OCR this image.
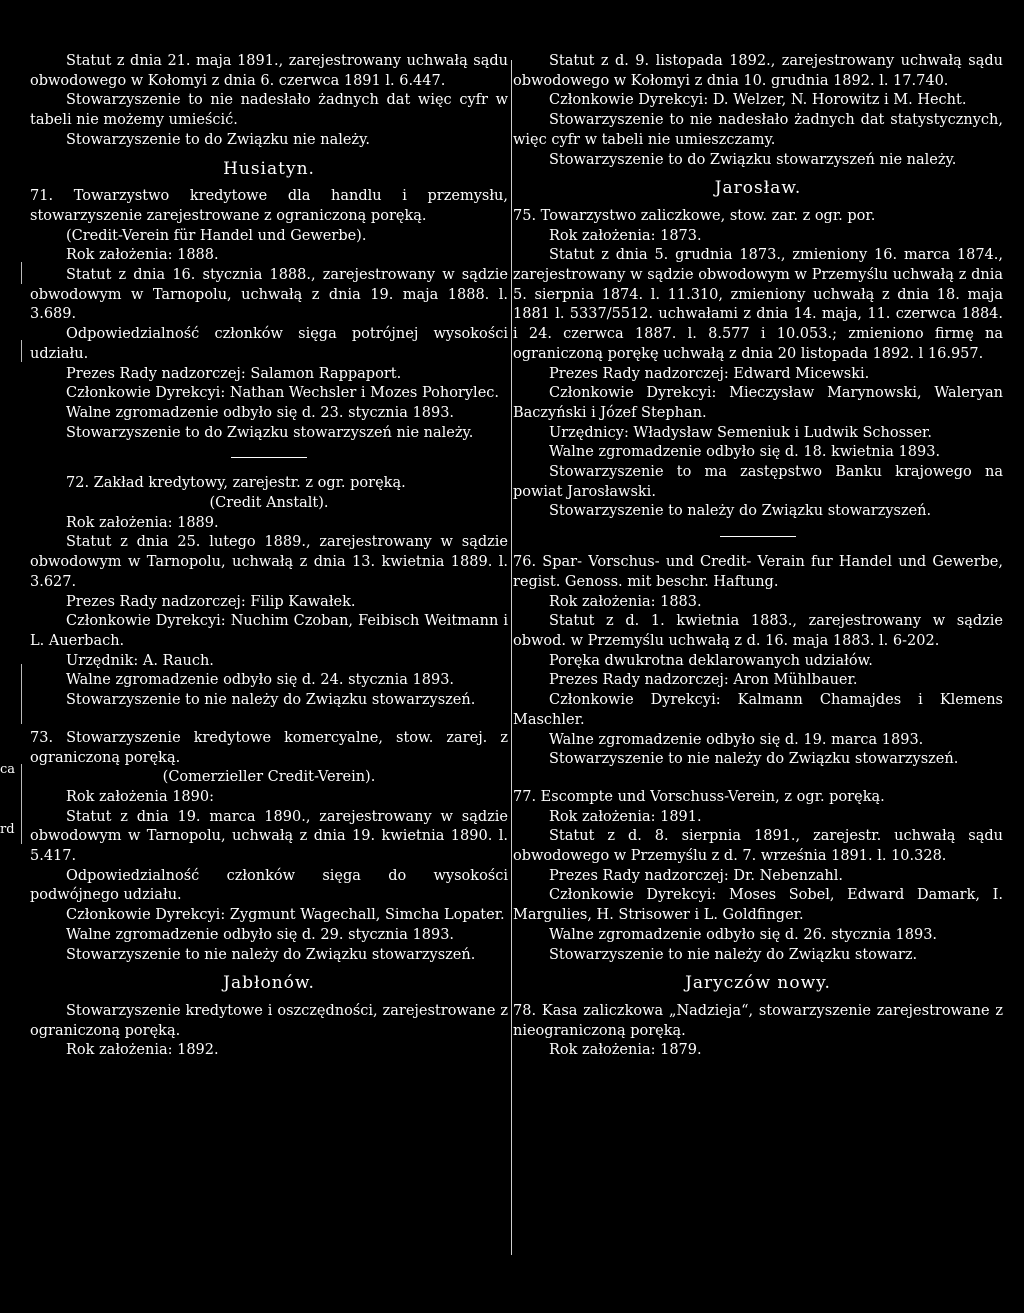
ca
rd

Statut z dnia 21. maja 1891., zarejestrowany uchwałą sądu obwodowego w Kołomyi z dnia 6. czerwca 1891 l. 6.447.

Stowarzyszenie to nie nadesłało żadnych dat więc cyfr w tabeli nie możemy umieścić.

Stowarzyszenie to do Związku nie należy.

Husiatyn.

71. Towarzystwo kredytowe dla handlu i przemysłu, stowarzyszenie zarejestrowane z ograniczoną poręką.

(Credit-Verein für Handel und Gewerbe).

Rok założenia: 1888.

Statut z dnia 16. stycznia 1888., zarejestrowany w sądzie obwodowym w Tarnopolu, uchwałą z dnia 19. maja 1888. l. 3.689.

Odpowiedzialność członków sięga potrójnej wysokości udziału.

Prezes Rady nadzorczej: Salamon Rappaport.

Członkowie Dyrekcyi: Nathan Wechsler i Mozes Pohorylec.

Walne zgromadzenie odbyło się d. 23. stycznia 1893.

Stowarzyszenie to do Związku stowarzyszeń nie należy.

72. Zakład kredytowy, zarejestr. z ogr. poręką.

(Credit Anstalt).

Rok założenia: 1889.

Statut z dnia 25. lutego 1889., zarejestrowany w sądzie obwodowym w Tarnopolu, uchwałą z dnia 13. kwietnia 1889. l. 3.627.

Prezes Rady nadzorczej: Filip Kawałek.

Członkowie Dyrekcyi: Nuchim Czoban, Feibisch Weitmann i L. Auerbach.

Urzędnik: A. Rauch.

Walne zgromadzenie odbyło się d. 24. stycznia 1893.

Stowarzyszenie to nie należy do Związku stowarzyszeń.

73. Stowarzyszenie kredytowe komercyalne, stow. zarej. z ograniczoną poręką.

(Comerzieller Credit-Verein).

Rok założenia 1890:

Statut z dnia 19. marca 1890., zarejestrowany w sądzie obwodowym w Tarnopolu, uchwałą z dnia 19. kwietnia 1890. l. 5.417.

Odpowiedzialność członków sięga do wysokości podwójnego udziału.

Członkowie Dyrekcyi: Zygmunt Wagechall, Simcha Lopater.

Walne zgromadzenie odbyło się d. 29. stycznia 1893.

Stowarzyszenie to nie należy do Związku stowarzyszeń.

Jabłonów.

Stowarzyszenie kredytowe i oszczędności, zarejestrowane z ograniczoną poręką.

Rok założenia: 1892.

Statut z d. 9. listopada 1892., zarejestrowany uchwałą sądu obwodowego w Kołomyi z dnia 10. grudnia 1892. l. 17.740.

Członkowie Dyrekcyi: D. Welzer, N. Horowitz i M. Hecht.

Stowarzyszenie to nie nadesłało żadnych dat statystycznych, więc cyfr w tabeli nie umieszczamy.

Stowarzyszenie to do Związku stowarzyszeń nie należy.

Jarosław.

75. Towarzystwo zaliczkowe, stow. zar. z ogr. por.

Rok założenia: 1873.

Statut z dnia 5. grudnia 1873., zmieniony 16. marca 1874., zarejestrowany w sądzie obwodowym w Przemyślu uchwałą z dnia 5. sierpnia 1874. l. 11.310, zmieniony uchwałą z dnia 18. maja 1881 l. 5337/5512. uchwałami z dnia 14. maja, 11. czerwca 1884. i 24. czerwca 1887. l. 8.577 i 10.053.; zmieniono firmę na ograniczoną porękę uchwałą z dnia 20 listopada 1892. l 16.957.

Prezes Rady nadzorczej: Edward Micewski.

Członkowie Dyrekcyi: Mieczysław Marynowski, Waleryan Baczyński i Józef Stephan.

Urzędnicy: Władysław Semeniuk i Ludwik Schosser.

Walne zgromadzenie odbyło się d. 18. kwietnia 1893.

Stowarzyszenie to ma zastępstwo Banku krajowego na powiat Jarosławski.

Stowarzyszenie to należy do Związku stowarzyszeń.

76. Spar- Vorschus- und Credit- Verain fur Handel und Gewerbe, regist. Genoss. mit beschr. Haftung.

Rok założenia: 1883.

Statut z d. 1. kwietnia 1883., zarejestrowany w sądzie obwod. w Przemyślu uchwałą z d. 16. maja 1883. l. 6-202.

Poręka dwukrotna deklarowanych udziałów.

Prezes Rady nadzorczej: Aron Mühlbauer.

Członkowie Dyrekcyi: Kalmann Chamajdes i Klemens Maschler.

Walne zgromadzenie odbyło się d. 19. marca 1893.

Stowarzyszenie to nie należy do Związku stowarzyszeń.

77. Escompte und Vorschuss-Verein, z ogr. poręką.

Rok założenia: 1891.

Statut z d. 8. sierpnia 1891., zarejestr. uchwałą sądu obwodowego w Przemyślu z d. 7. września 1891. l. 10.328.

Prezes Rady nadzorczej: Dr. Nebenzahl.

Członkowie Dyrekcyi: Moses Sobel, Edward Damark, I. Margulies, H. Strisower i L. Goldfinger.

Walne zgromadzenie odbyło się d. 26. stycznia 1893.

Stowarzyszenie to nie należy do Związku stowarz.

Jaryczów nowy.

78. Kasa zaliczkowa „Nadzieja“, stowarzyszenie zarejestrowane z nieograniczoną poręką.

Rok założenia: 1879.
